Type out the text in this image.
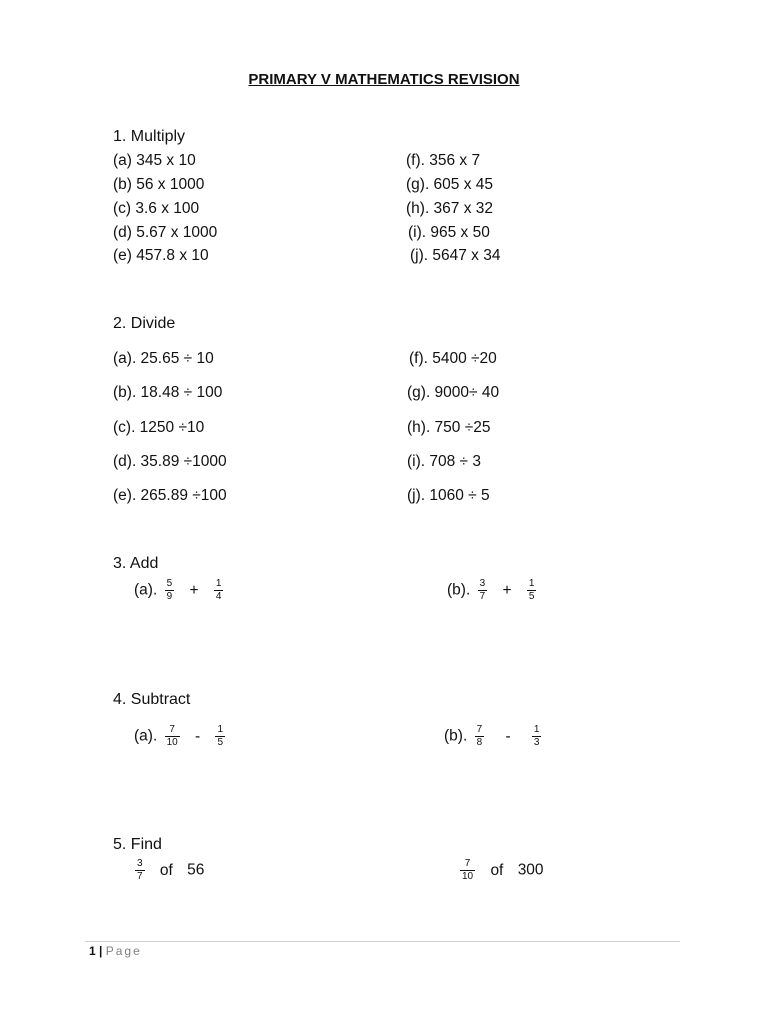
PRIMARY V MATHEMATICS REVISION
1. Multiply
(a) 345 x 10
(b) 56 x 1000
(c) 3.6 x 100
(d) 5.67 x 1000
(e) 457.8 x 10
(f). 356 x 7
(g). 605 x 45
(h). 367 x 32
(i). 965 x 50
(j). 5647 x 34
2. Divide
(a). 25.65 ÷ 10
(b). 18.48 ÷ 100
(c). 1250 ÷10
(d). 35.89 ÷1000
(e). 265.89 ÷100
(f). 5400 ÷20
(g). 9000÷ 40
(h). 750 ÷25
(i). 708 ÷ 3
(j). 1060 ÷ 5
3. Add
(a). $\frac{5}{9} + \frac{1}{4}$	(b). $\frac{3}{7} + \frac{1}{5}$
4. Subtract
(a). $\frac{7}{10} - \frac{1}{5}$	(b). $\frac{7}{8} - \frac{1}{3}$
5. Find
$\frac{3}{7}$ of 56	$\frac{7}{10}$ of 300
1 | Page
